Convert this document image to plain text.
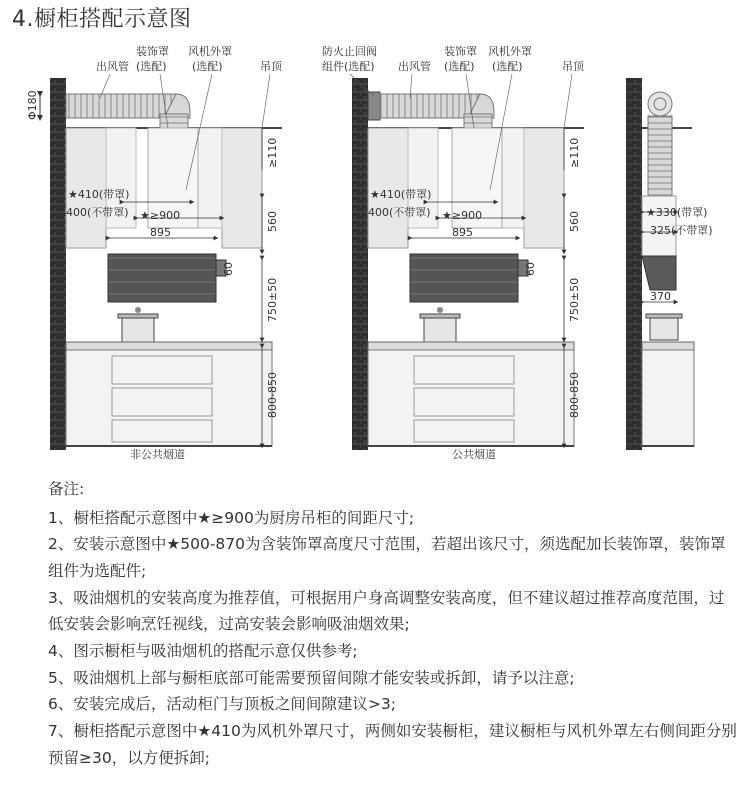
4.橱柜搭配示意图
Φ180
≥110
560
60
750±50
800-850
★410(带罩)
400(不带罩) ★≥900
895
装饰罩
出风管 (选配)
风机外罩
(选配)	吊顶
非公共烟道
≥110
560
60
750±50
800-850
★410(带罩)
400(不带罩) ★≥900
895
防火止回阀
组件(选配) 出风管
装饰罩
(选配)
风机外罩
(选配)	吊顶
公共烟道
★330(带罩)
325(不带罩)
370
备注:

1、橱柜搭配示意图中★≥900为厨房吊柜的间距尺寸;

2、安装示意图中★500-870为含装饰罩高度尺寸范围，若超出该尺寸，须选配加长装饰罩，装饰罩组件为选配件;

3、吸油烟机的安装高度为推荐值，可根据用户身高调整安装高度，但不建议超过推荐高度范围，过低安装会影响烹饪视线，过高安装会影响吸油烟效果;

4、图示橱柜与吸油烟机的搭配示意仅供参考;

5、吸油烟机上部与橱柜底部可能需要预留间隙才能安装或拆卸，请予以注意;

6、安装完成后，活动柜门与顶板之间间隙建议>3;

7、橱柜搭配示意图中★410为风机外罩尺寸，两侧如安装橱柜，建议橱柜与风机外罩左右侧间距分别预留≥30，以方便拆卸;
